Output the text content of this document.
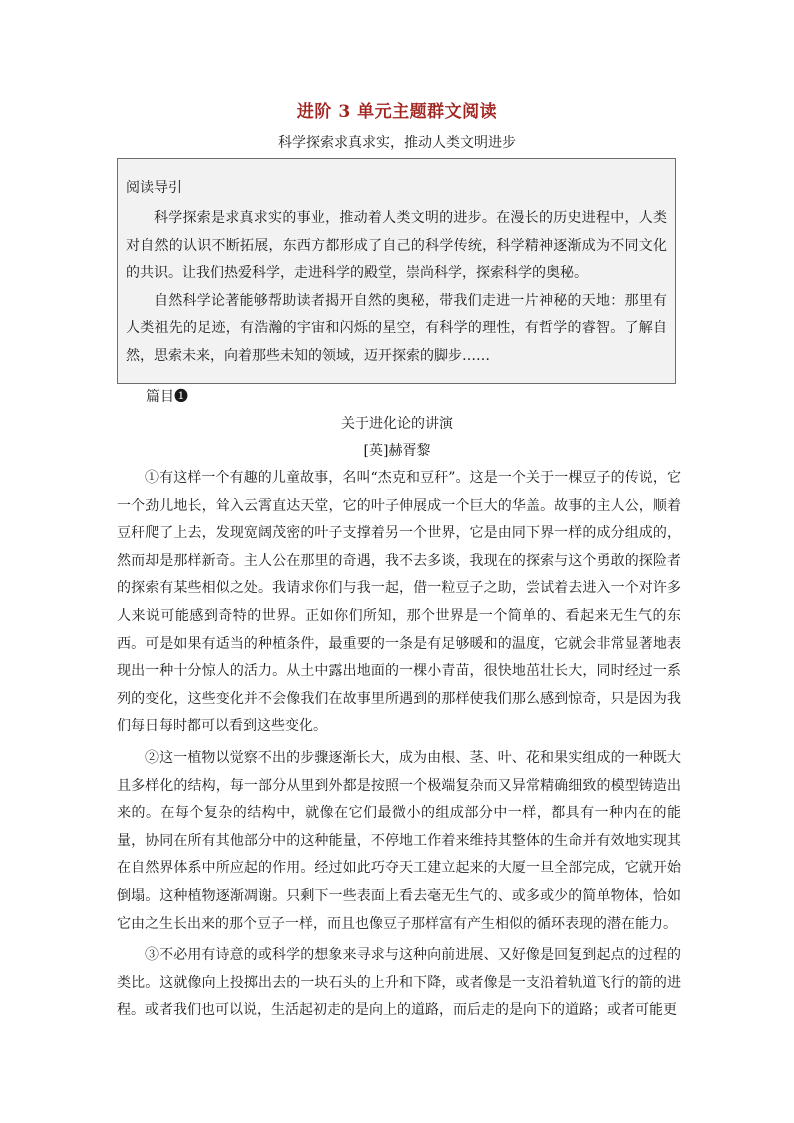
进阶 3 单元主题群文阅读
科学探索求真求实，推动人类文明进步
阅读导引

科学探索是求真求实的事业，推动着人类文明的进步。在漫长的历史进程中，人类对自然的认识不断拓展，东西方都形成了自己的科学传统，科学精神逐渐成为不同文化的共识。让我们热爱科学，走进科学的殿堂，崇尚科学，探索科学的奥秘。

自然科学论著能够帮助读者揭开自然的奥秘，带我们走进一片神秘的天地：那里有人类祖先的足迹，有浩瀚的宇宙和闪烁的星空，有科学的理性，有哲学的睿智。了解自然，思索未来，向着那些未知的领域，迈开探索的脚步……

篇目❶
关于进化论的讲演
[英]赫胥黎

①有这样一个有趣的儿童故事，名叫“杰克和豆秆”。这是一个关于一棵豆子的传说，它一个劲儿地长，耸入云霄直达天堂，它的叶子伸展成一个巨大的华盖。故事的主人公，顺着豆秆爬了上去，发现宽阔茂密的叶子支撑着另一个世界，它是由同下界一样的成分组成的，然而却是那样新奇。主人公在那里的奇遇，我不去多谈，我现在的探索与这个勇敢的探险者的探索有某些相似之处。我请求你们与我一起，借一粒豆子之助，尝试着去进入一个对许多人来说可能感到奇特的世界。正如你们所知，那个世界是一个简单的、看起来无生气的东西。可是如果有适当的种植条件，最重要的一条是有足够暖和的温度，它就会非常显著地表现出一种十分惊人的活力。从土中露出地面的一棵小青苗，很快地茁壮长大，同时经过一系列的变化，这些变化并不会像我们在故事里所遇到的那样使我们那么感到惊奇，只是因为我们每日每时都可以看到这些变化。

②这一植物以觉察不出的步骤逐渐长大，成为由根、茎、叶、花和果实组成的一种既大且多样化的结构，每一部分从里到外都是按照一个极端复杂而又异常精确细致的模型铸造出来的。在每个复杂的结构中，就像在它们最微小的组成部分中一样，都具有一种内在的能量，协同在所有其他部分中的这种能量，不停地工作着来维持其整体的生命并有效地实现其在自然界体系中所应起的作用。经过如此巧夺天工建立起来的大厦一旦全部完成，它就开始倒塌。这种植物逐渐凋谢。只剩下一些表面上看去毫无生气的、或多或少的简单物体，恰如它由之生长出来的那个豆子一样，而且也像豆子那样富有产生相似的循环表现的潜在能力。

③不必用有诗意的或科学的想象来寻求与这种向前进展、又好像是回复到起点的过程的类比。这就像向上投掷出去的一块石头的上升和下降，或者像是一支沿着轨道飞行的箭的进程。或者我们也可以说，生活起初走的是向上的道路，而后走的是向下的道路；或者可能更
